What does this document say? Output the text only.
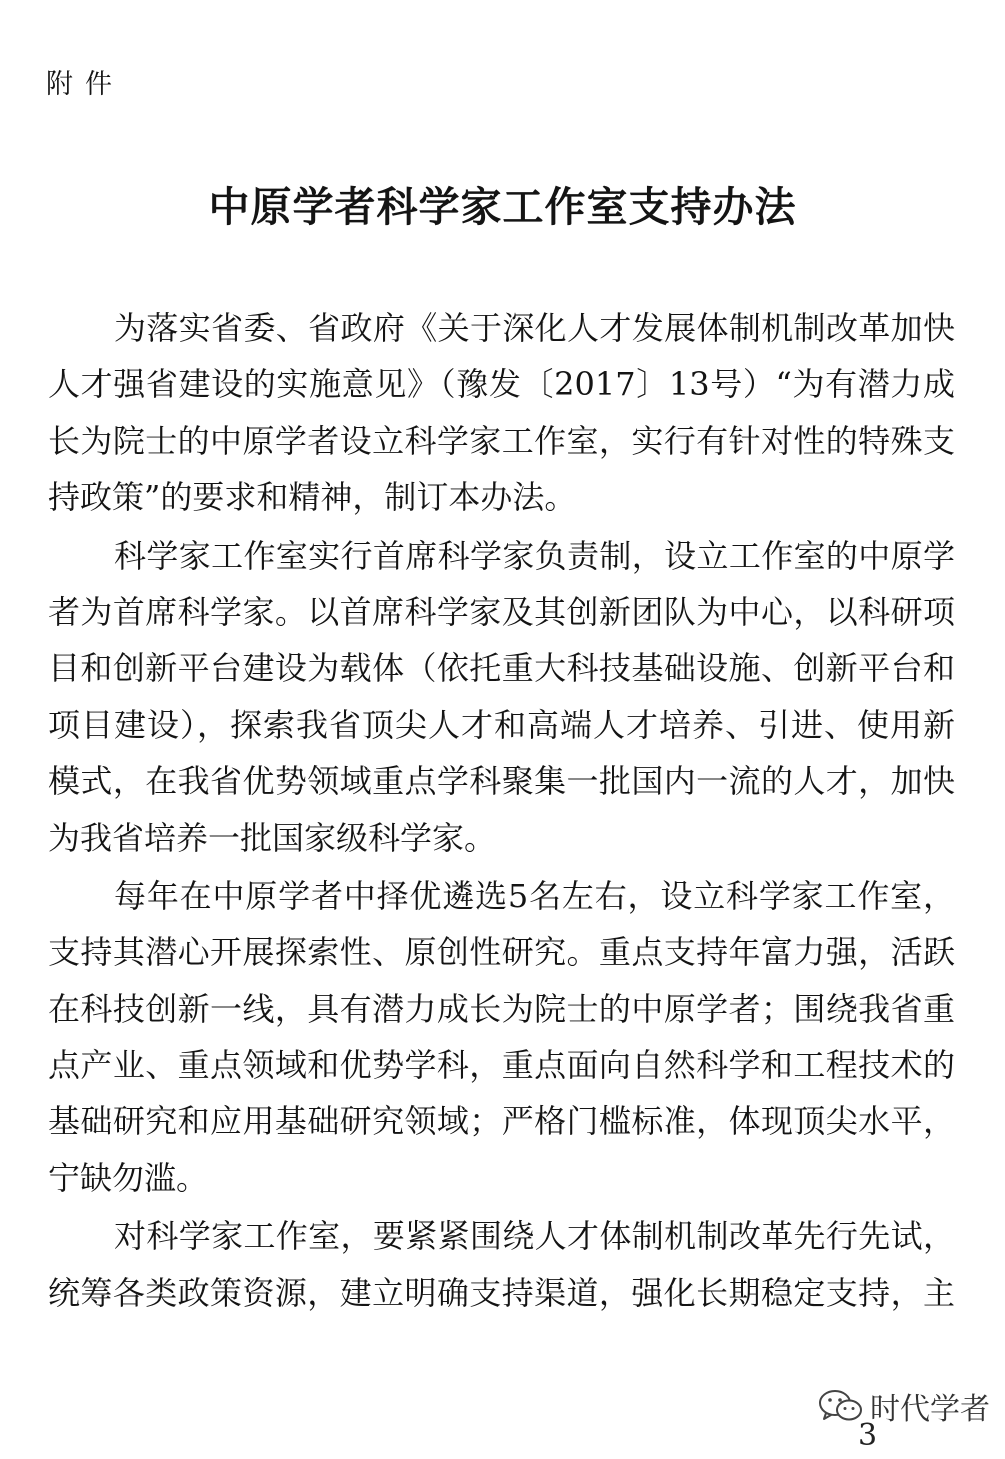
附件
中原学者科学家工作室支持办法
为落实省委、省政府《关于深化人才发展体制机制改革加快
人才强省建设的实施意见》（豫发〔2017〕13号）“为有潜力成
长为院士的中原学者设立科学家工作室，实行有针对性的特殊支
持政策”的要求和精神，制订本办法。
科学家工作室实行首席科学家负责制，设立工作室的中原学
者为首席科学家。以首席科学家及其创新团队为中心，以科研项
目和创新平台建设为载体（依托重大科技基础设施、创新平台和
项目建设），探索我省顶尖人才和高端人才培养、引进、使用新
模式，在我省优势领域重点学科聚集一批国内一流的人才，加快
为我省培养一批国家级科学家。
每年在中原学者中择优遴选5名左右，设立科学家工作室，
支持其潜心开展探索性、原创性研究。重点支持年富力强，活跃
在科技创新一线，具有潜力成长为院士的中原学者；围绕我省重
点产业、重点领域和优势学科，重点面向自然科学和工程技术的
基础研究和应用基础研究领域；严格门槛标准，体现顶尖水平，
宁缺勿滥。
对科学家工作室，要紧紧围绕人才体制机制改革先行先试，
统筹各类政策资源，建立明确支持渠道，强化长期稳定支持，主
时代学者
3
